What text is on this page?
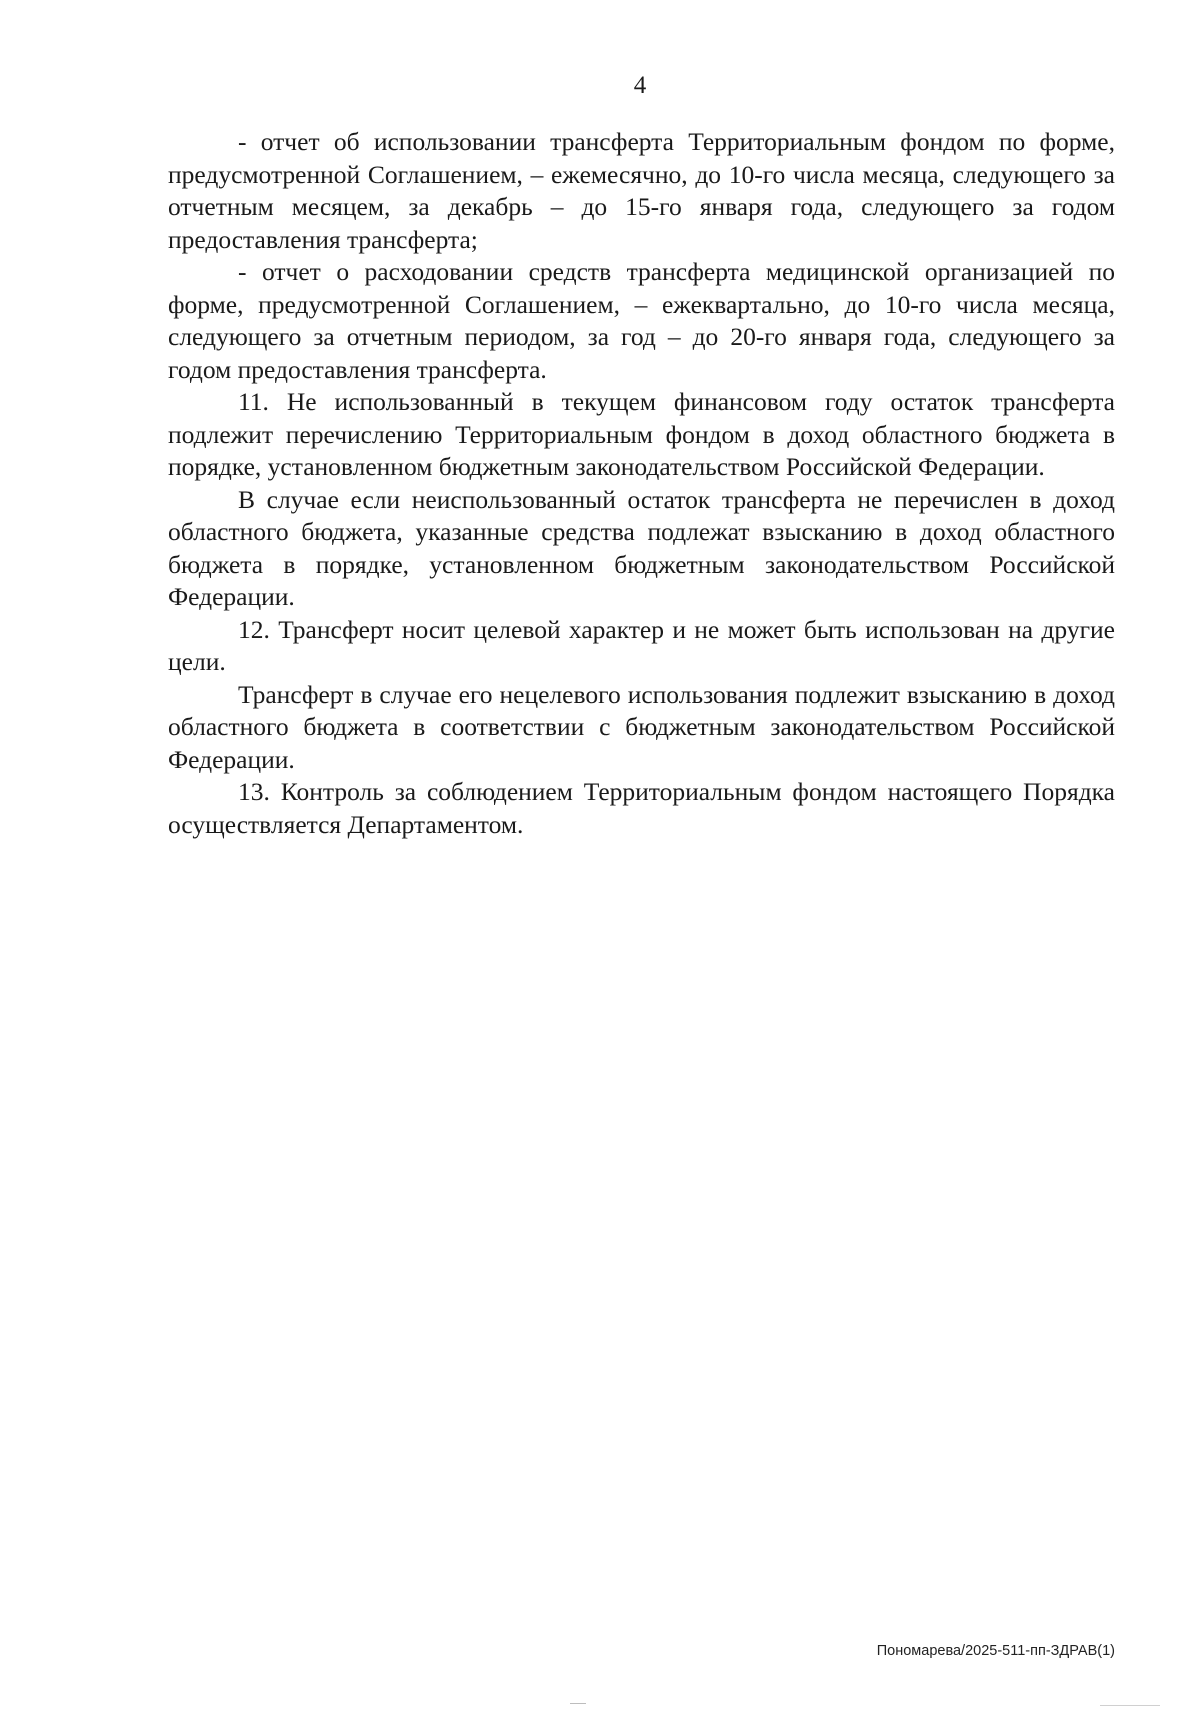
4

- отчет об использовании трансферта Территориальным фондом по форме, предусмотренной Соглашением, – ежемесячно, до 10-го числа месяца, следующего за отчетным месяцем, за декабрь – до 15-го января года, следующего за годом предоставления трансферта;

- отчет о расходовании средств трансферта медицинской организацией по форме, предусмотренной Соглашением, – ежеквартально, до 10-го числа месяца, следующего за отчетным периодом, за год – до 20-го января года, следующего за годом предоставления трансферта.

11. Не использованный в текущем финансовом году остаток трансферта подлежит перечислению Территориальным фондом в доход областного бюджета в порядке, установленном бюджетным законодательством Российской Федерации.

В случае если неиспользованный остаток трансферта не перечислен в доход областного бюджета, указанные средства подлежат взысканию в доход областного бюджета в порядке, установленном бюджетным законодательством Российской Федерации.

12. Трансферт носит целевой характер и не может быть использован на другие цели.

Трансферт в случае его нецелевого использования подлежит взысканию в доход областного бюджета в соответствии с бюджетным законодательством Российской Федерации.

13. Контроль за соблюдением Территориальным фондом настоящего Порядка осуществляется Департаментом.

Пономарева/2025-511-пп-ЗДРАВ(1)
